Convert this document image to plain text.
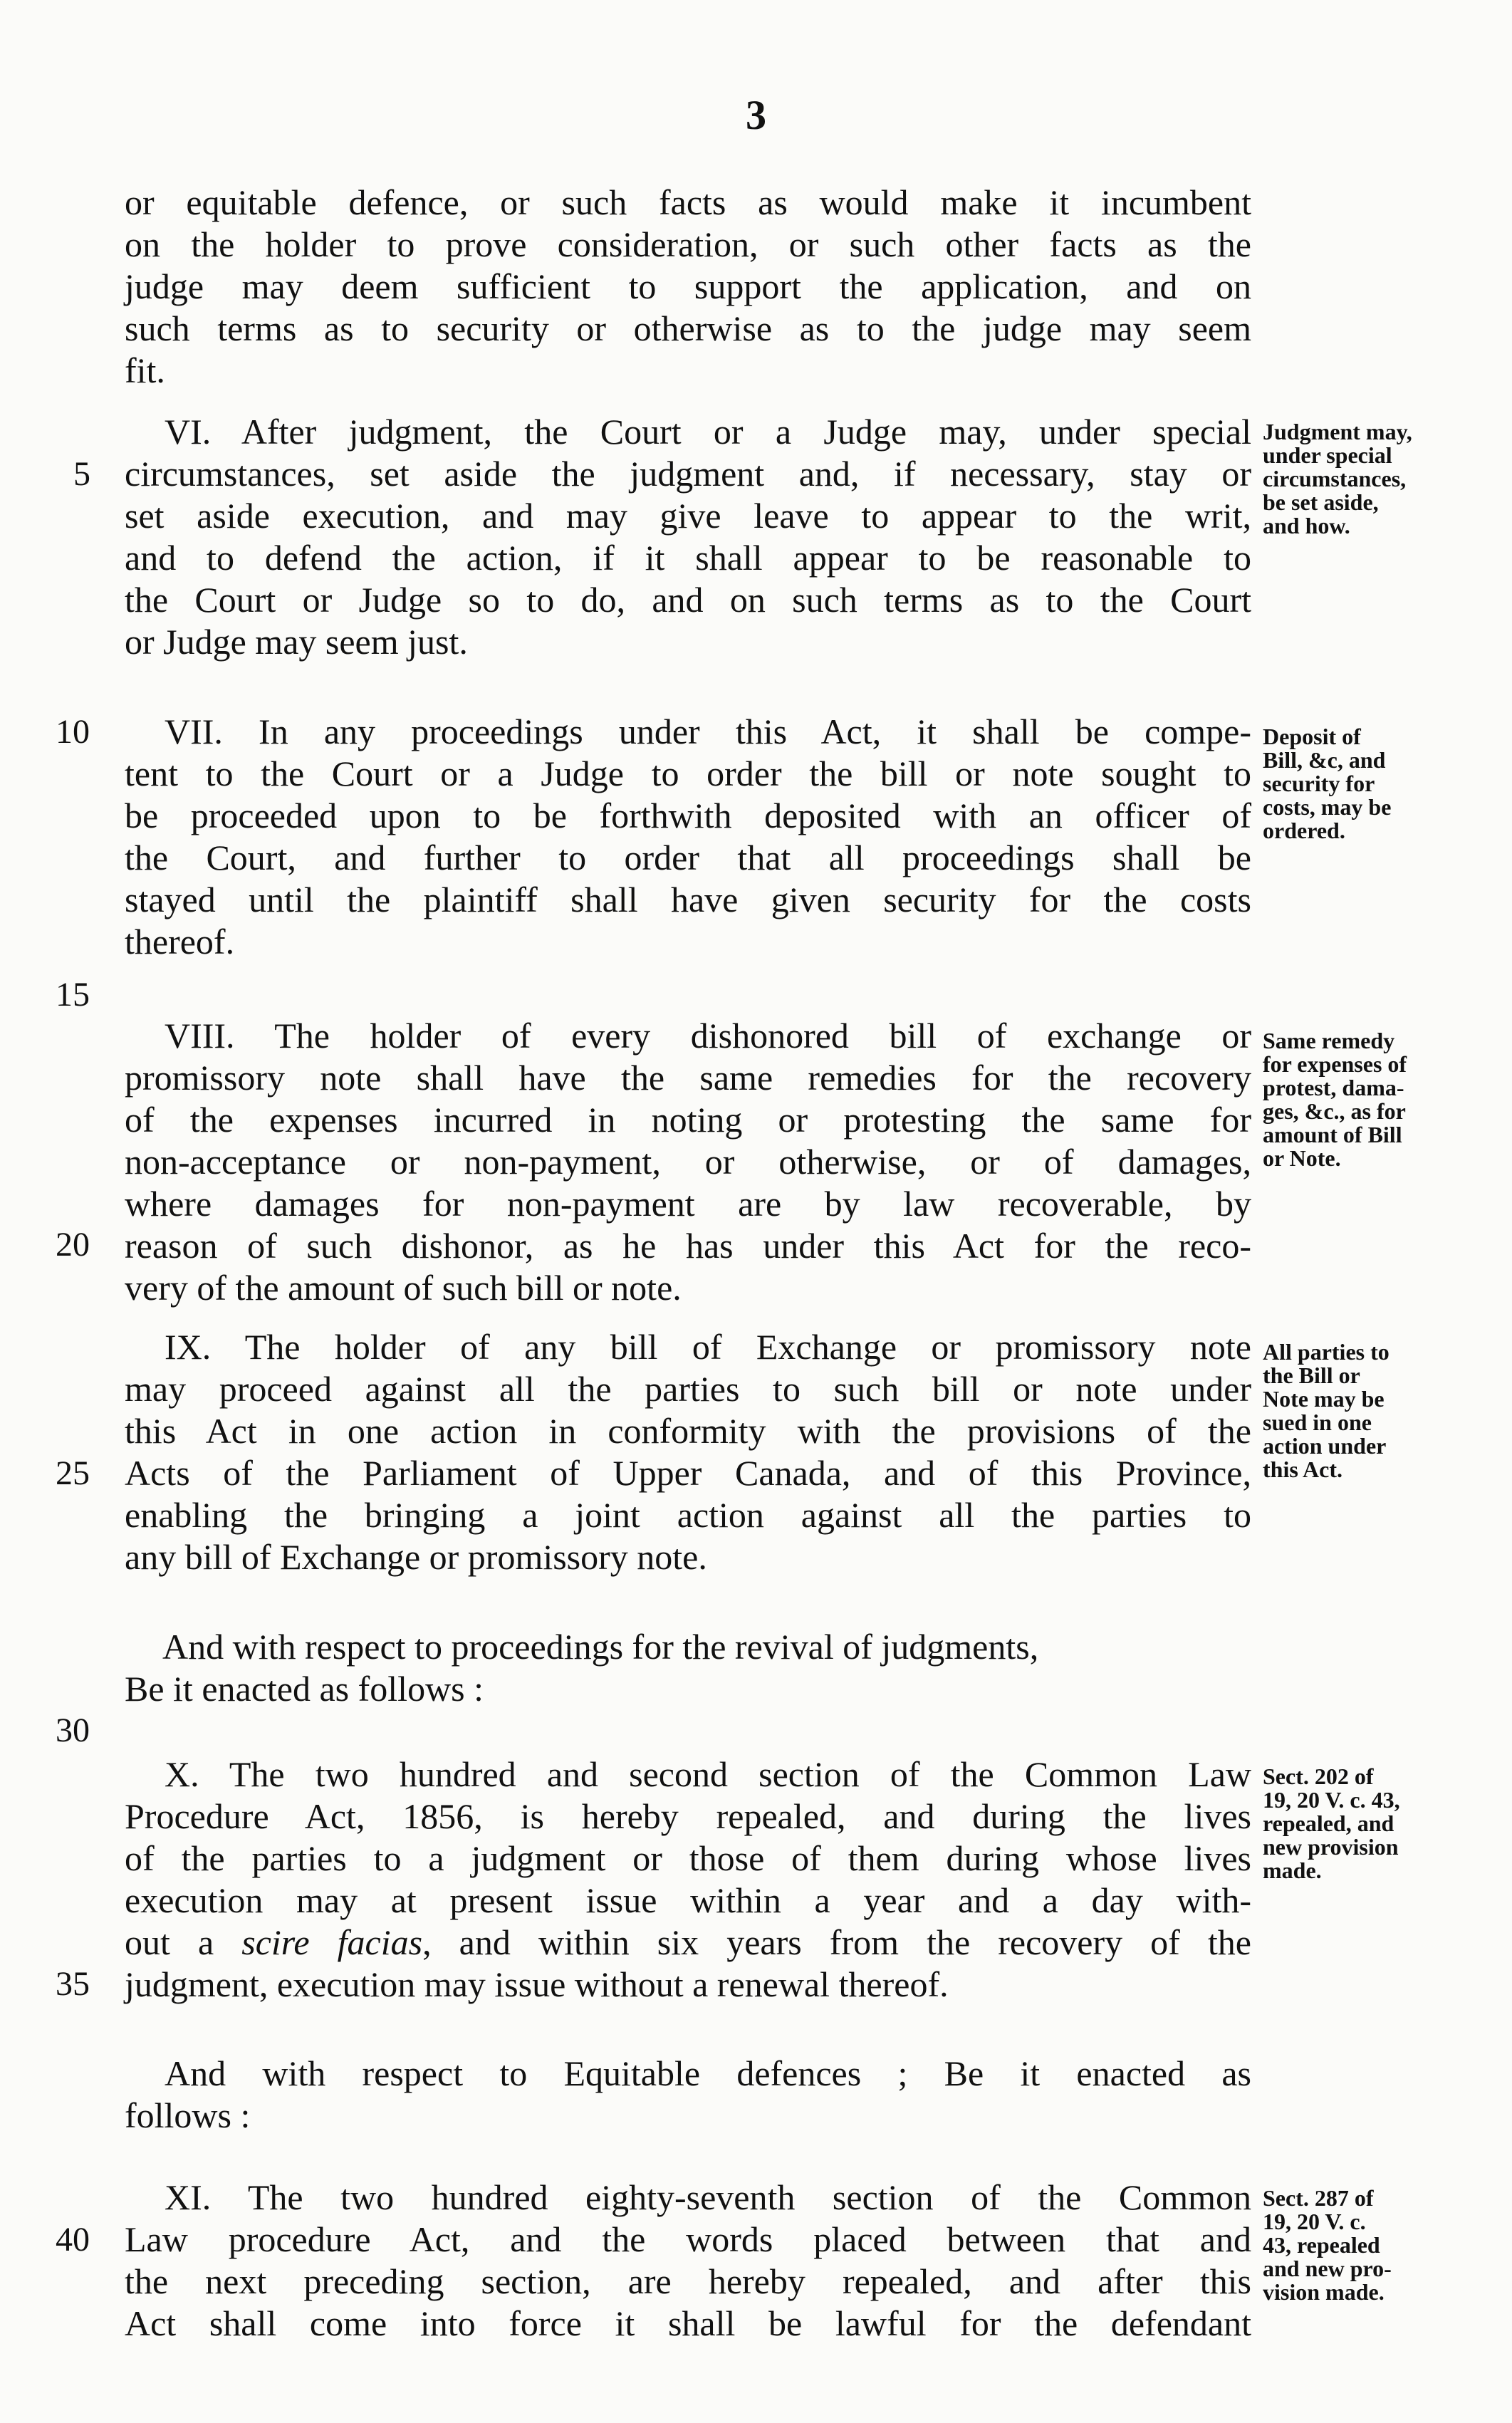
3

or equitable defence, or such facts as would make it incumbent
on the holder to prove consideration, or such other facts as the
judge may deem sufficient to support the application, and on
such terms as to security or otherwise as to the judge may seem
fit.

VI. After judgment, the Court or a Judge may, under special
circumstances, set aside the judgment and, if necessary, stay or
set aside execution, and may give leave to appear to the writ,
and to defend the action, if it shall appear to be reasonable to
the Court or Judge so to do, and on such terms as to the Court
or Judge may seem just.

Judgment may,
under special
circumstances,
be set aside,
and how.

VII. In any proceedings under this Act, it shall be compe-
tent to the Court or a Judge to order the bill or note sought to
be proceeded upon to be forthwith deposited with an officer of
the Court, and further to order that all proceedings shall be
stayed until the plaintiff shall have given security for the costs
thereof.

Deposit of
Bill, &c, and
security for
costs, may be
ordered.

VIII. The holder of every dishonored bill of exchange or
promissory note shall have the same remedies for the recovery
of the expenses incurred in noting or protesting the same for
non-acceptance or non-payment, or otherwise, or of damages,
where damages for non-payment are by law recoverable, by
reason of such dishonor, as he has under this Act for the reco-
very of the amount of such bill or note.

Same remedy
for expenses of
protest, dama-
ges, &c., as for
amount of Bill
or Note.

IX. The holder of any bill of Exchange or promissory note
may proceed against all the parties to such bill or note under
this Act in one action in conformity with the provisions of the
Acts of the Parliament of Upper Canada, and of this Province,
enabling the bringing a joint action against all the parties to
any bill of Exchange or promissory note.

All parties to
the Bill or
Note may be
sued in one
action under
this Act.
And with respect to proceedings for the revival of judgments,
Be it enacted as follows :

X. The two hundred and second section of the Common Law
Procedure Act, 1856, is hereby repealed, and during the lives
of the parties to a judgment or those of them during whose lives
execution may at present issue within a year and a day with-
out a scire facias, and within six years from the recovery of the
judgment, execution may issue without a renewal thereof.

Sect. 202 of
19, 20 V. c. 43,
repealed, and
new provision
made.

And with respect to Equitable defences ; Be it enacted as
follows :

XI. The two hundred eighty-seventh section of the Common
Law procedure Act, and the words placed between that and
the next preceding section, are hereby repealed, and after this
Act shall come into force it shall be lawful for the defendant

Sect. 287 of
19, 20 V. c.
43, repealed
and new pro-
vision made.
5
10
15
20
25
30
35
40
